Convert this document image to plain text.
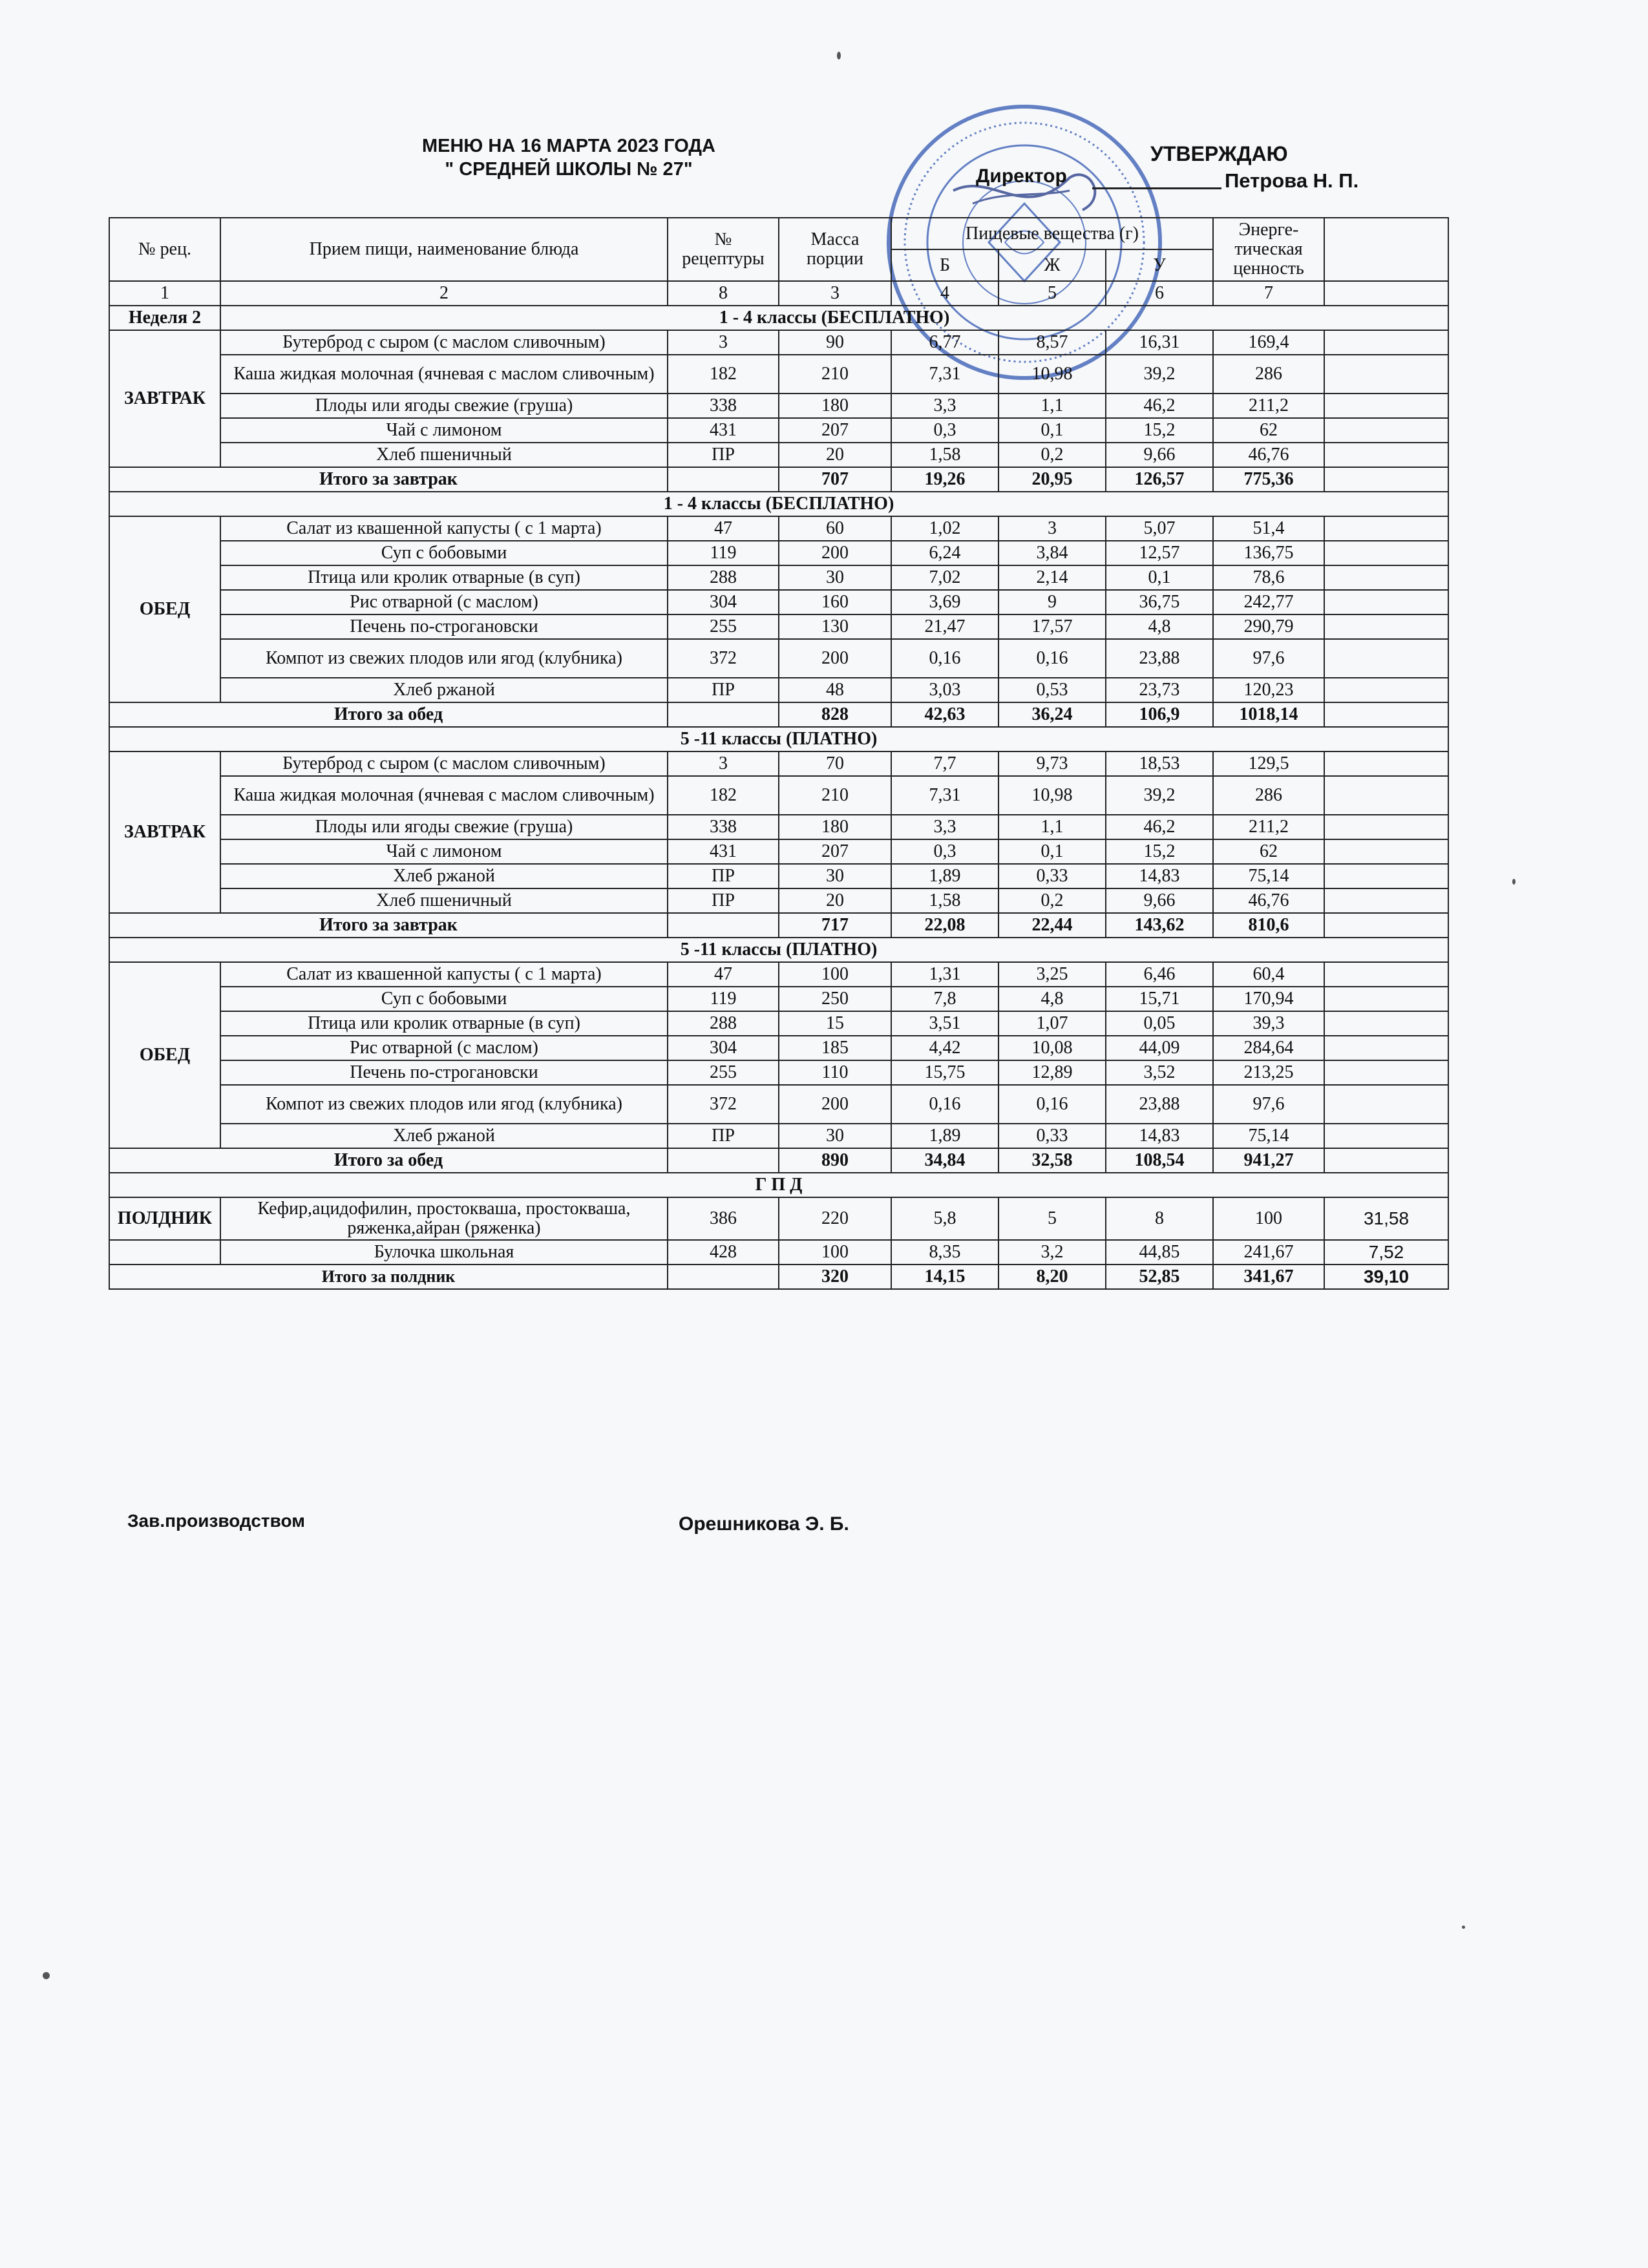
МЕНЮ НА 16 МАРТА 2023 ГОДА
" СРЕДНЕЙ ШКОЛЫ № 27"
УТВЕРЖДАЮ
Директор	Петрова Н. П.
№ рец.	Прием пищи, наименование блюда	№ рецептуры	Масса порции	Пищевые вещества (г)			Энерге-тическая ценность	
				Б	Ж	У		
1	2	8	3	4	5	6	7	
Неделя 2	1 - 4 классы (БЕСПЛАТНО)							
ЗАВТРАК	Бутерброд с сыром (с маслом сливочным)	3	90	6,77	8,57	16,31	169,4	
	Каша жидкая молочная (ячневая с маслом сливочным)	182	210	7,31	10,98	39,2	286	
	Плоды или ягоды свежие (груша)	338	180	3,3	1,1	46,2	211,2	
	Чай с лимоном	431	207	0,3	0,1	15,2	62	
	Хлеб пшеничный	ПР	20	1,58	0,2	9,66	46,76	
Итого за завтрак			707	19,26	20,95	126,57	775,36	
1 - 4 классы (БЕСПЛАТНО)								
ОБЕД	Салат из квашенной капусты ( с 1 марта)	47	60	1,02	3	5,07	51,4	
	Суп с бобовыми	119	200	6,24	3,84	12,57	136,75	
	Птица или кролик отварные (в суп)	288	30	7,02	2,14	0,1	78,6	
	Рис отварной (с маслом)	304	160	3,69	9	36,75	242,77	
	Печень по-строгановски	255	130	21,47	17,57	4,8	290,79	
	Компот из свежих плодов или ягод (клубника)	372	200	0,16	0,16	23,88	97,6	
	Хлеб ржаной	ПР	48	3,03	0,53	23,73	120,23	
Итого за обед			828	42,63	36,24	106,9	1018,14	
5 -11 классы (ПЛАТНО)								
ЗАВТРАК	Бутерброд с сыром (с маслом сливочным)	3	70	7,7	9,73	18,53	129,5	
	Каша жидкая молочная (ячневая с маслом сливочным)	182	210	7,31	10,98	39,2	286	
	Плоды или ягоды свежие (груша)	338	180	3,3	1,1	46,2	211,2	
	Чай с лимоном	431	207	0,3	0,1	15,2	62	
	Хлеб ржаной	ПР	30	1,89	0,33	14,83	75,14	
	Хлеб пшеничный	ПР	20	1,58	0,2	9,66	46,76	
Итого за завтрак			717	22,08	22,44	143,62	810,6	
5 -11 классы (ПЛАТНО)								
ОБЕД	Салат из квашенной капусты ( с 1 марта)	47	100	1,31	3,25	6,46	60,4	
	Суп с бобовыми	119	250	7,8	4,8	15,71	170,94	
	Птица или кролик отварные (в суп)	288	15	3,51	1,07	0,05	39,3	
	Рис отварной (с маслом)	304	185	4,42	10,08	44,09	284,64	
	Печень по-строгановски	255	110	15,75	12,89	3,52	213,25	
	Компот из свежих плодов или ягод (клубника)	372	200	0,16	0,16	23,88	97,6	
	Хлеб ржаной	ПР	30	1,89	0,33	14,83	75,14	
Итого за обед			890	34,84	32,58	108,54	941,27	
Г П Д								
ПОЛДНИК	Кефир,ацидофилин, простокваша, простокваша, ряженка,айран (ряженка)	386	220	5,8	5	8	100	31,58
	Булочка школьная	428	100	8,35	3,2	44,85	241,67	7,52
Итого за полдник			320	14,15	8,20	52,85	341,67	39,10
Зав.производством	Орешникова Э. Б.
